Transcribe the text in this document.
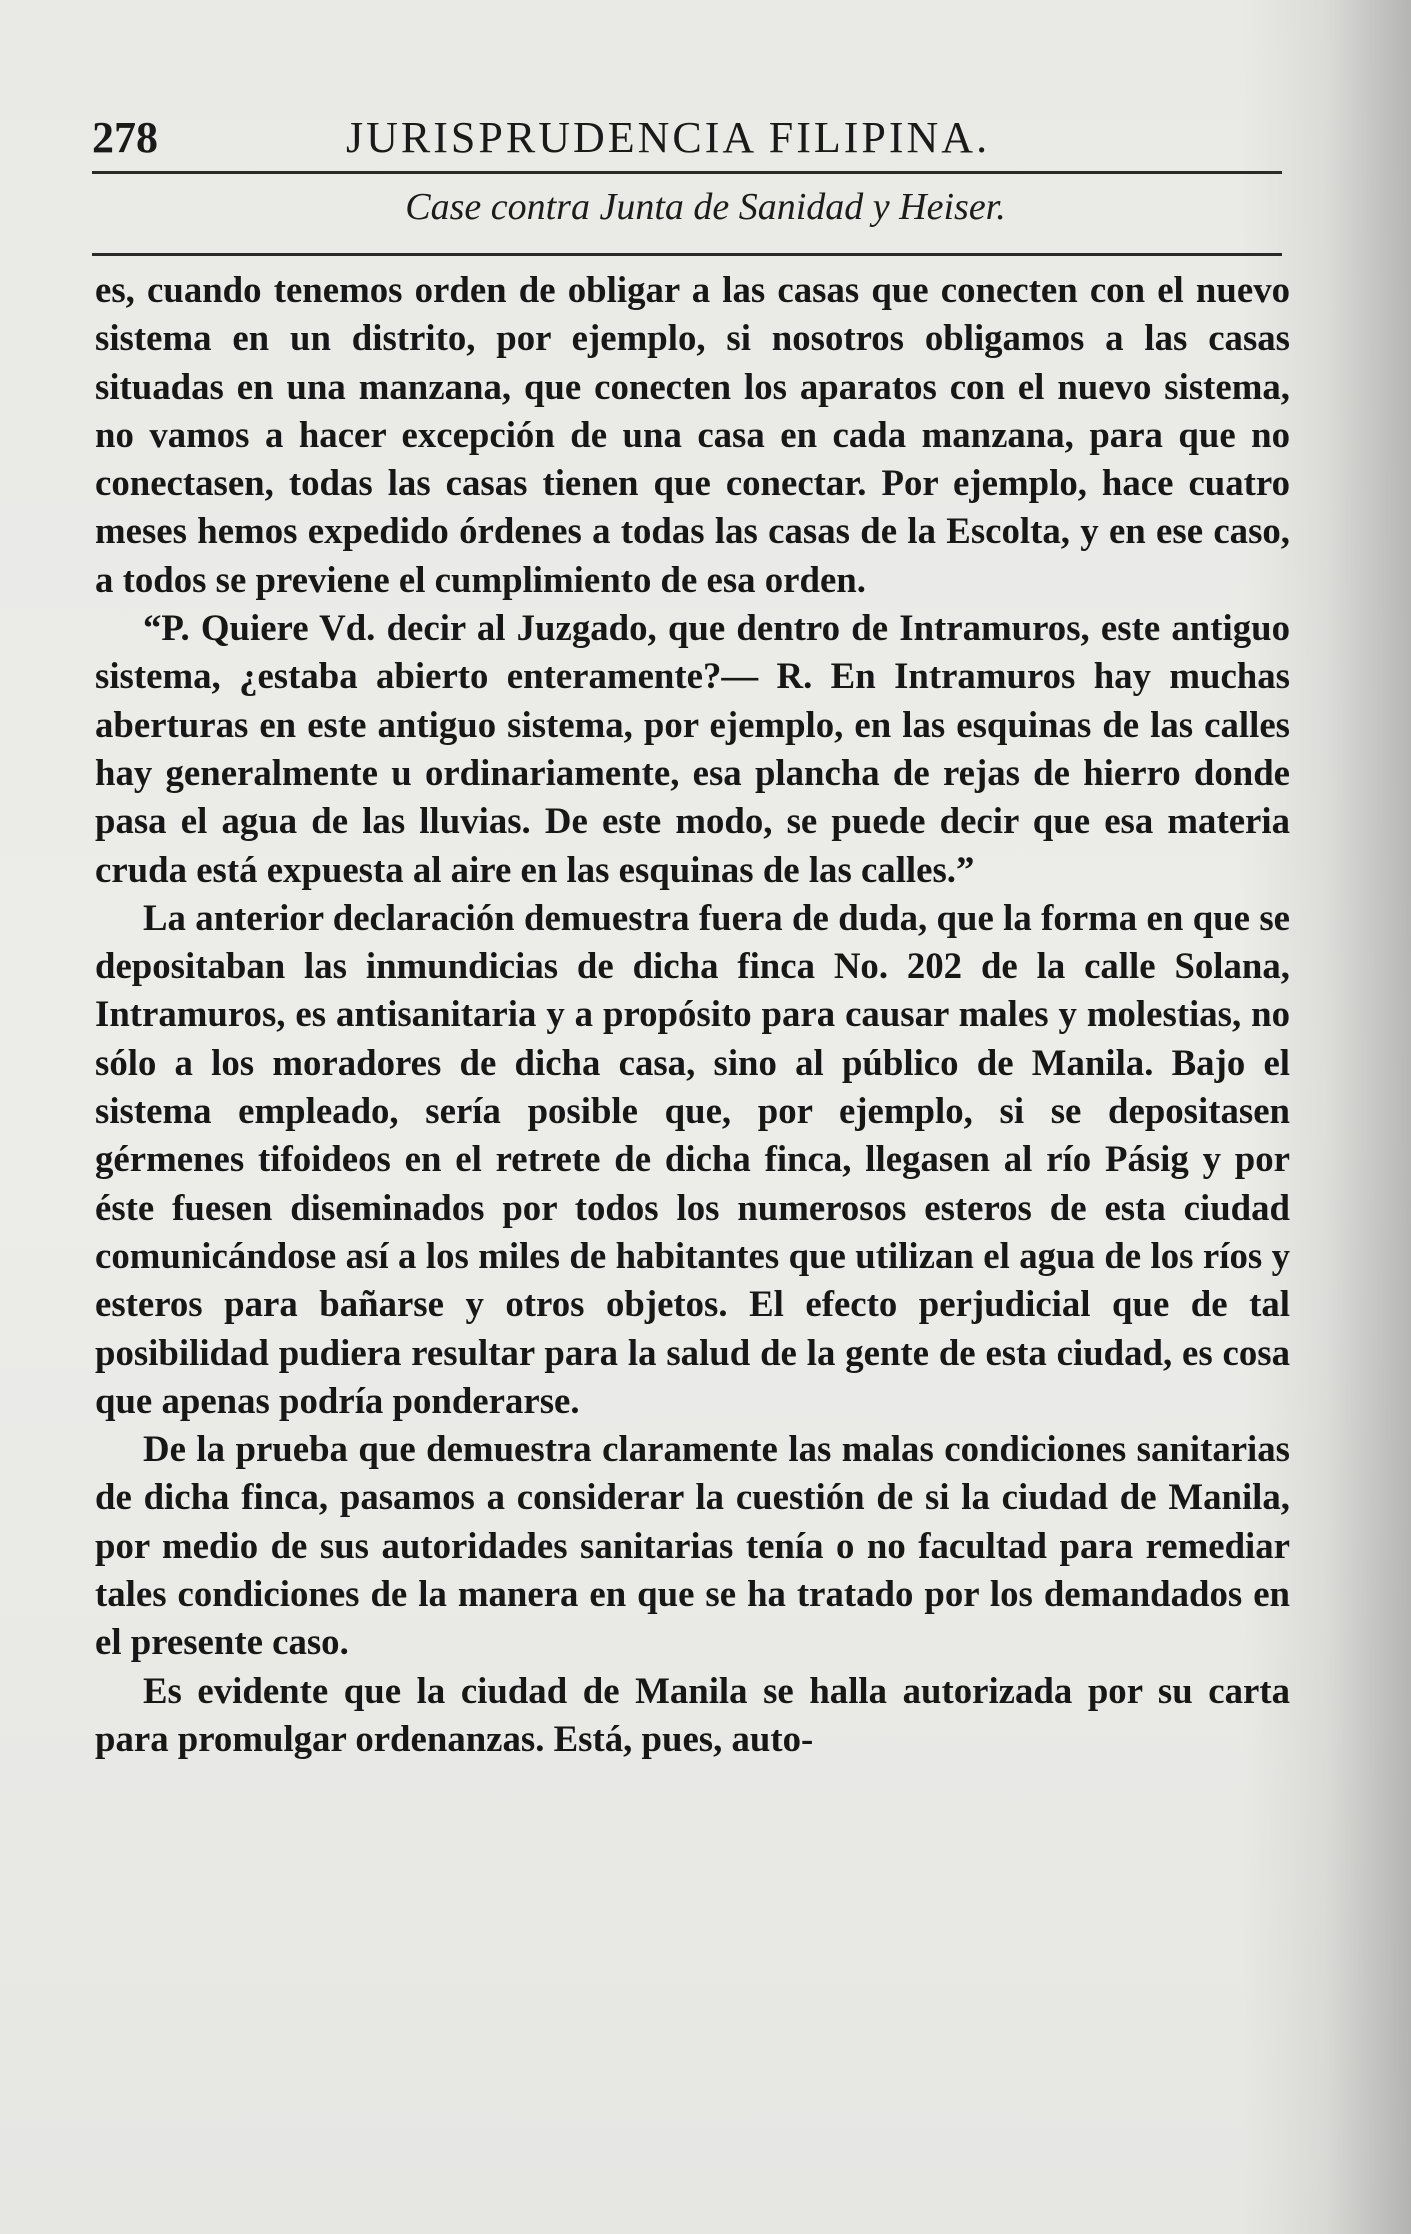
278	JURISPRUDENCIA FILIPINA.
Case contra Junta de Sanidad y Heiser.

es, cuando tenemos orden de obligar a las casas que conecten con el nuevo sistema en un distrito, por ejemplo, si nosotros obligamos a las casas situadas en una manzana, que conecten los aparatos con el nuevo sistema, no vamos a hacer excepción de una casa en cada manzana, para que no conectasen, todas las casas tienen que conectar. Por ejemplo, hace cuatro meses hemos expedido órdenes a todas las casas de la Escolta, y en ese caso, a todos se previene el cumplimiento de esa orden.

“P. Quiere Vd. decir al Juzgado, que dentro de Intramuros, este antiguo sistema, ¿estaba abierto enteramente?— R. En Intramuros hay muchas aberturas en este antiguo sistema, por ejemplo, en las esquinas de las calles hay generalmente u ordinariamente, esa plancha de rejas de hierro donde pasa el agua de las lluvias. De este modo, se puede decir que esa materia cruda está expuesta al aire en las esquinas de las calles.”

La anterior declaración demuestra fuera de duda, que la forma en que se depositaban las inmundicias de dicha finca No. 202 de la calle Solana, Intramuros, es antisanitaria y a propósito para causar males y molestias, no sólo a los moradores de dicha casa, sino al público de Manila. Bajo el sistema empleado, sería posible que, por ejemplo, si se depositasen gérmenes tifoideos en el retrete de dicha finca, llegasen al río Pásig y por éste fuesen diseminados por todos los numerosos esteros de esta ciudad comunicándose así a los miles de habitantes que utilizan el agua de los ríos y esteros para bañarse y otros objetos. El efecto perjudicial que de tal posibilidad pudiera resultar para la salud de la gente de esta ciudad, es cosa que apenas podría ponderarse.

De la prueba que demuestra claramente las malas condiciones sanitarias de dicha finca, pasamos a considerar la cuestión de si la ciudad de Manila, por medio de sus autoridades sanitarias tenía o no facultad para remediar tales condiciones de la manera en que se ha tratado por los demandados en el presente caso.

Es evidente que la ciudad de Manila se halla autorizada por su carta para promulgar ordenanzas. Está, pues, auto-
